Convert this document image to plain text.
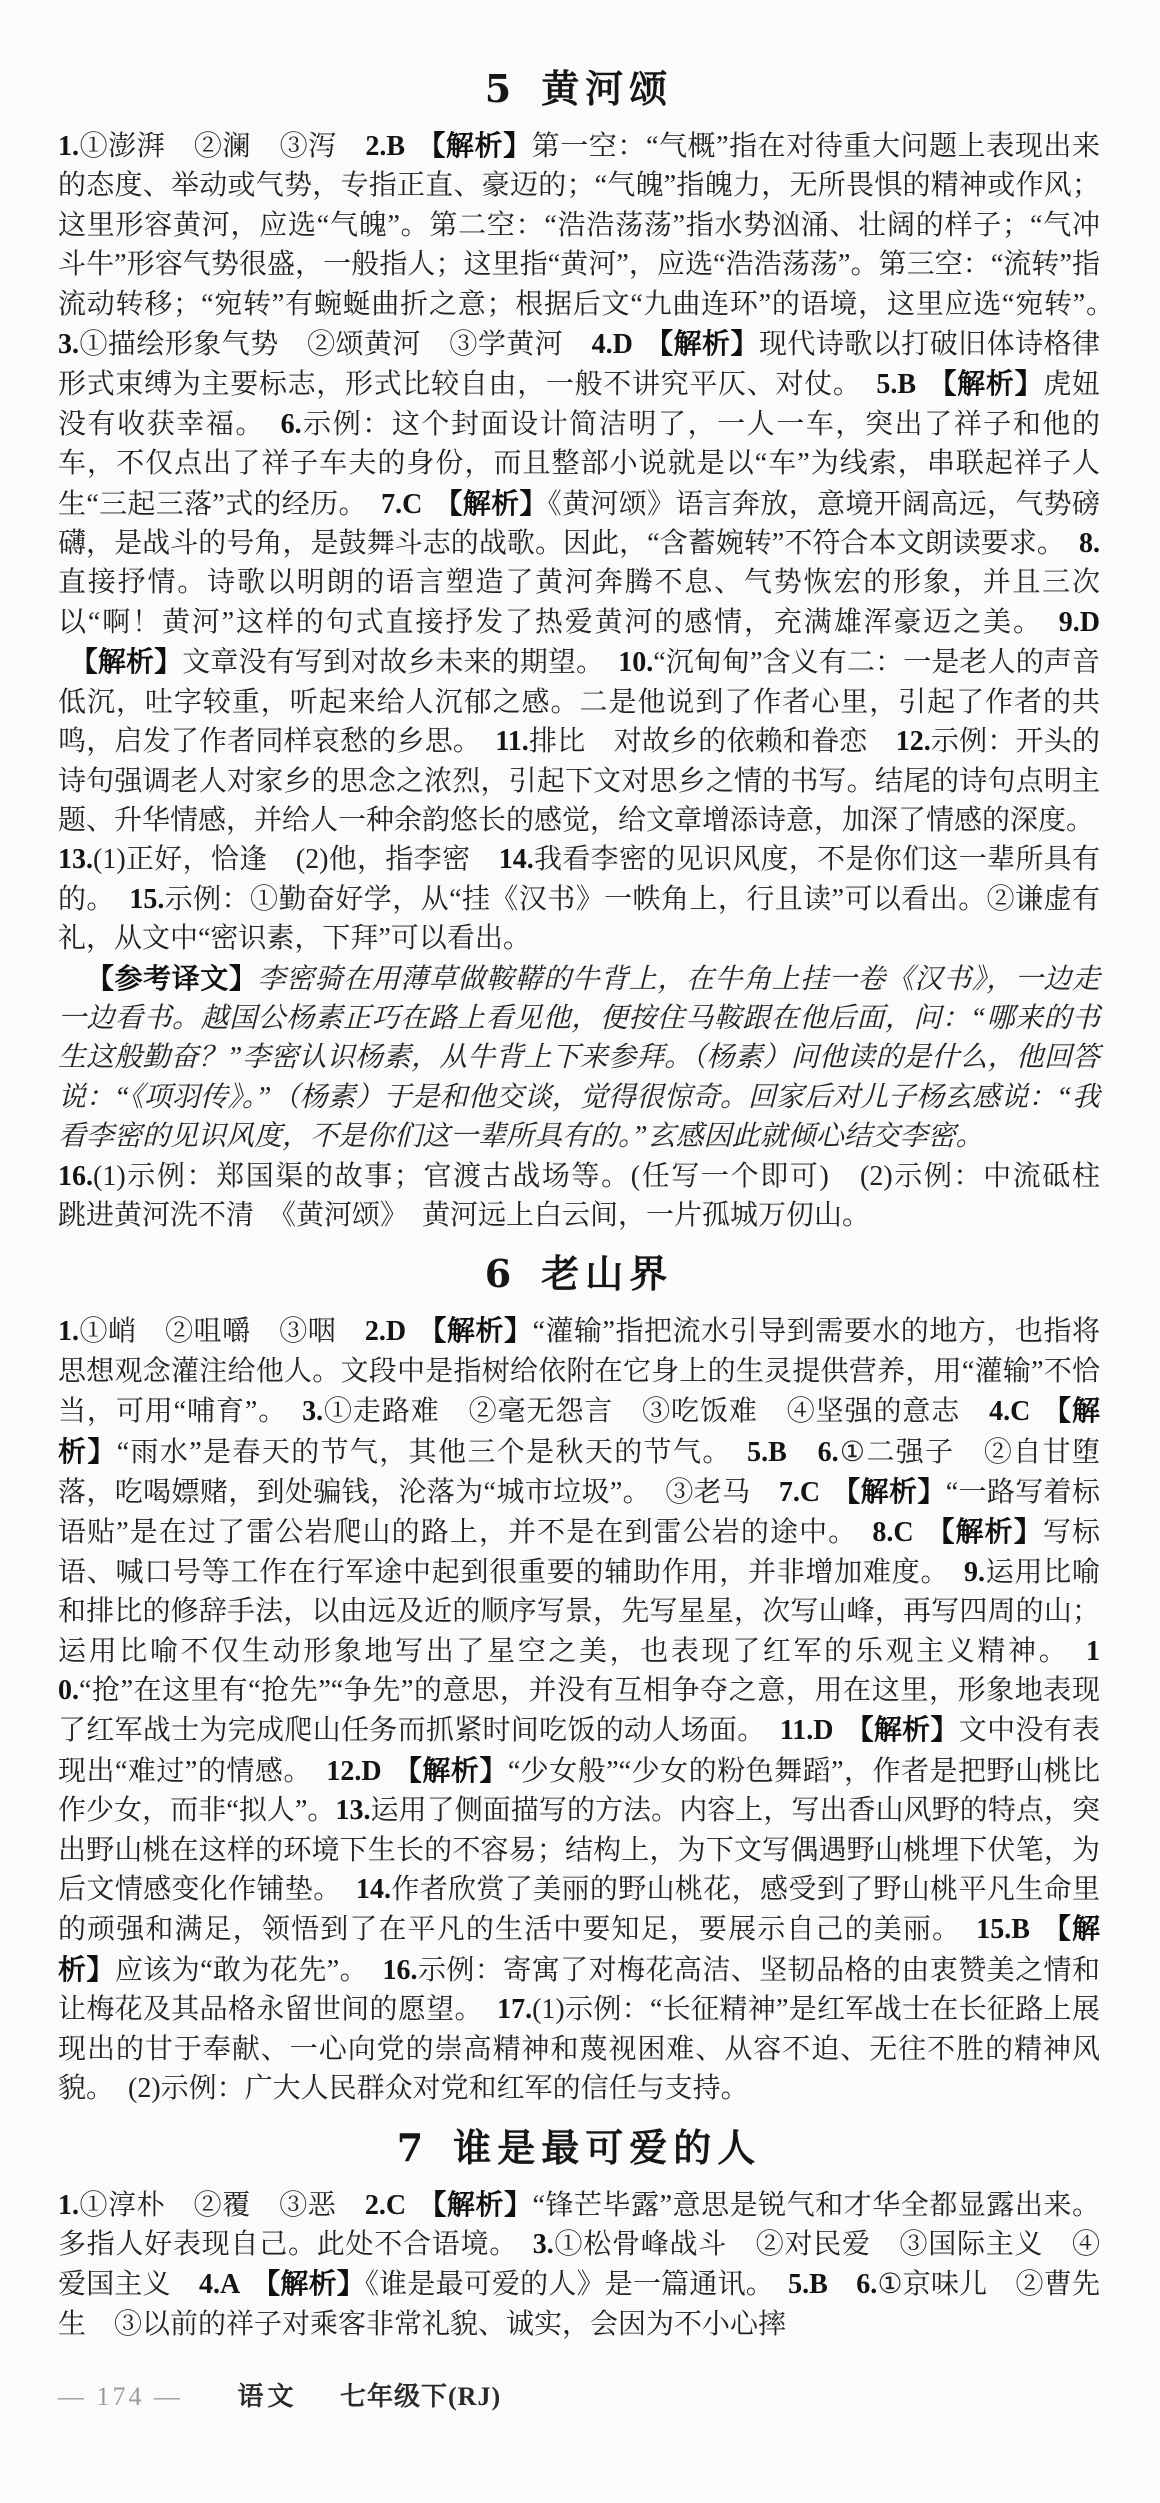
5 黄河颂

1.①澎湃　②澜　③泻　2.B 【解析】第一空：“气概”指在对待重大问题上表现出来的态度、举动或气势，专指正直、豪迈的；“气魄”指魄力，无所畏惧的精神或作风；这里形容黄河，应选“气魄”。第二空：“浩浩荡荡”指水势汹涌、壮阔的样子；“气冲斗牛”形容气势很盛，一般指人；这里指“黄河”，应选“浩浩荡荡”。第三空：“流转”指流动转移；“宛转”有蜿蜒曲折之意；根据后文“九曲连环”的语境，这里应选“宛转”。　3.①描绘形象气势　②颂黄河　③学黄河　4.D 【解析】现代诗歌以打破旧体诗格律形式束缚为主要标志，形式比较自由，一般不讲究平仄、对仗。　5.B 【解析】虎妞没有收获幸福。　6.示例：这个封面设计简洁明了，一人一车，突出了祥子和他的车，不仅点出了祥子车夫的身份，而且整部小说就是以“车”为线索，串联起祥子人生“三起三落”式的经历。　7.C 【解析】《黄河颂》语言奔放，意境开阔高远，气势磅礴，是战斗的号角，是鼓舞斗志的战歌。因此，“含蓄婉转”不符合本文朗读要求。　8.直接抒情。诗歌以明朗的语言塑造了黄河奔腾不息、气势恢宏的形象，并且三次以“啊！黄河”这样的句式直接抒发了热爱黄河的感情，充满雄浑豪迈之美。　9.D【解析】文章没有写到对故乡未来的期望。　10.“沉甸甸”含义有二：一是老人的声音低沉，吐字较重，听起来给人沉郁之感。二是他说到了作者心里，引起了作者的共鸣，启发了作者同样哀愁的乡思。　11.排比　对故乡的依赖和眷恋　12.示例：开头的诗句强调老人对家乡的思念之浓烈，引起下文对思乡之情的书写。结尾的诗句点明主题、升华情感，并给人一种余韵悠长的感觉，给文章增添诗意，加深了情感的深度。

13.(1)正好，恰逢　(2)他，指李密　14.我看李密的见识风度，不是你们这一辈所具有的。　15.示例：①勤奋好学，从“挂《汉书》一帙角上，行且读”可以看出。②谦虚有礼，从文中“密识素，下拜”可以看出。

【参考译文】李密骑在用薄草做鞍鞯的牛背上，在牛角上挂一卷《汉书》，一边走一边看书。越国公杨素正巧在路上看见他，便按住马鞍跟在他后面，问：“哪来的书生这般勤奋？”李密认识杨素，从牛背上下来参拜。（杨素）问他读的是什么，他回答说：“《项羽传》。”（杨素）于是和他交谈，觉得很惊奇。回家后对儿子杨玄感说：“我看李密的见识风度，不是你们这一辈所具有的。”玄感因此就倾心结交李密。

16.(1)示例：郑国渠的故事；官渡古战场等。(任写一个即可)　(2)示例：中流砥柱　跳进黄河洗不清　《黄河颂》　黄河远上白云间，一片孤城万仞山。

6 老山界

1.①峭　②咀嚼　③咽　2.D 【解析】“灌输”指把流水引导到需要水的地方，也指将思想观念灌注给他人。文段中是指树给依附在它身上的生灵提供营养，用“灌输”不恰当，可用“哺育”。　3.①走路难　②毫无怨言　③吃饭难　④坚强的意志　4.C 【解析】“雨水”是春天的节气，其他三个是秋天的节气。　5.B　 6.①二强子　②自甘堕落，吃喝嫖赌，到处骗钱，沦落为“城市垃圾”。　③老马　7.C 【解析】“一路写着标语贴”是在过了雷公岩爬山的路上，并不是在到雷公岩的途中。　8.C 【解析】写标语、喊口号等工作在行军途中起到很重要的辅助作用，并非增加难度。　9.运用比喻和排比的修辞手法，以由远及近的顺序写景，先写星星，次写山峰，再写四周的山；运用比喻不仅生动形象地写出了星空之美，也表现了红军的乐观主义精神。　10.“抢”在这里有“抢先”“争先”的意思，并没有互相争夺之意，用在这里，形象地表现了红军战士为完成爬山任务而抓紧时间吃饭的动人场面。　11.D 【解析】文中没有表现出“难过”的情感。　12.D 【解析】“少女般”“少女的粉色舞蹈”，作者是把野山桃比作少女，而非“拟人”。13.运用了侧面描写的方法。内容上，写出香山风野的特点，突出野山桃在这样的环境下生长的不容易；结构上，为下文写偶遇野山桃埋下伏笔，为后文情感变化作铺垫。　14.作者欣赏了美丽的野山桃花，感受到了野山桃平凡生命里的顽强和满足，领悟到了在平凡的生活中要知足，要展示自己的美丽。　15.B 【解析】应该为“敢为花先”。　16.示例：寄寓了对梅花高洁、坚韧品格的由衷赞美之情和让梅花及其品格永留世间的愿望。　17.(1)示例：“长征精神”是红军战士在长征路上展现出的甘于奉献、一心向党的崇高精神和蔑视困难、从容不迫、无往不胜的精神风貌。　(2)示例：广大人民群众对党和红军的信任与支持。

7 谁是最可爱的人

1.①淳朴　②覆　③恶　2.C 【解析】“锋芒毕露”意思是锐气和才华全都显露出来。多指人好表现自己。此处不合语境。　3.①松骨峰战斗　②对民爱　③国际主义　④爱国主义　4.A 【解析】《谁是最可爱的人》是一篇通讯。　5.B　 6.①京味儿　②曹先生　③以前的祥子对乘客非常礼貌、诚实，会因为不小心摔

— 174 — 语文 七年级下(RJ)
